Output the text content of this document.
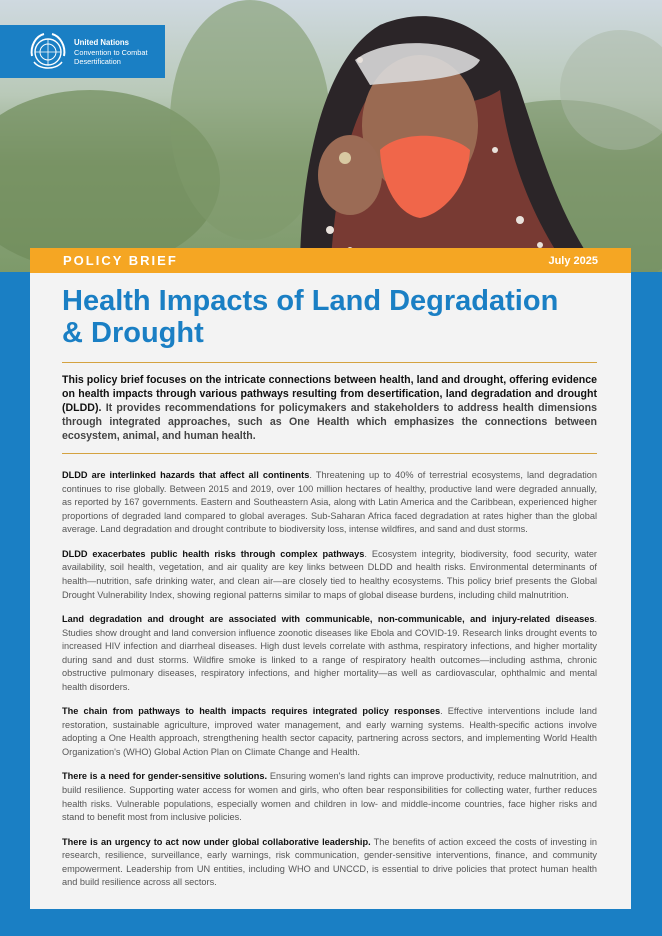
United Nations
Convention to Combat
Desertification
POLICY BRIEF	July 2025
Health Impacts of Land Degradation
& Drought

This policy brief focuses on the intricate connections between health, land and drought, offering evidence on health impacts through various pathways resulting from desertification, land degradation and drought (DLDD). It provides recommendations for policymakers and stakeholders to address health dimensions through integrated approaches, such as One Health which emphasizes the connections between ecosystem, animal, and human health.

DLDD are interlinked hazards that affect all continents. Threatening up to 40% of terrestrial ecosystems, land degradation continues to rise globally. Between 2015 and 2019, over 100 million hectares of healthy, productive land were degraded annually, as reported by 167 governments. Eastern and Southeastern Asia, along with Latin America and the Caribbean, experienced higher proportions of degraded land compared to global averages. Sub-Saharan Africa faced degradation at rates higher than the global average. Land degradation and drought contribute to biodiversity loss, intense wildfires, and sand and dust storms.

DLDD exacerbates public health risks through complex pathways. Ecosystem integrity, biodiversity, food security, water availability, soil health, vegetation, and air quality are key links between DLDD and health risks. Environmental determinants of health—nutrition, safe drinking water, and clean air—are closely tied to healthy ecosystems. This policy brief presents the Global Drought Vulnerability Index, showing regional patterns similar to maps of global disease burdens, including child malnutrition.

Land degradation and drought are associated with communicable, non-communicable, and injury-related diseases. Studies show drought and land conversion influence zoonotic diseases like Ebola and COVID-19. Research links drought events to increased HIV infection and diarrheal diseases. High dust levels correlate with asthma, respiratory infections, and higher mortality during sand and dust storms. Wildfire smoke is linked to a range of respiratory health outcomes—including asthma, chronic obstructive pulmonary diseases, respiratory infections, and higher mortality—as well as cardiovascular, ophthalmic and mental health disorders.

The chain from pathways to health impacts requires integrated policy responses. Effective interventions include land restoration, sustainable agriculture, improved water management, and early warning systems. Health-specific actions involve adopting a One Health approach, strengthening health sector capacity, partnering across sectors, and implementing World Health Organization's (WHO) Global Action Plan on Climate Change and Health.

There is a need for gender-sensitive solutions. Ensuring women's land rights can improve productivity, reduce malnutrition, and build resilience. Supporting water access for women and girls, who often bear responsibilities for collecting water, further reduces health risks. Vulnerable populations, especially women and children in low- and middle-income countries, face higher risks and stand to benefit most from inclusive policies.

There is an urgency to act now under global collaborative leadership. The benefits of action exceed the costs of investing in research, resilience, surveillance, early warnings, risk communication, gender-sensitive interventions, finance, and community empowerment. Leadership from UN entities, including WHO and UNCCD, is essential to drive policies that protect human health and build resilience across all sectors.
